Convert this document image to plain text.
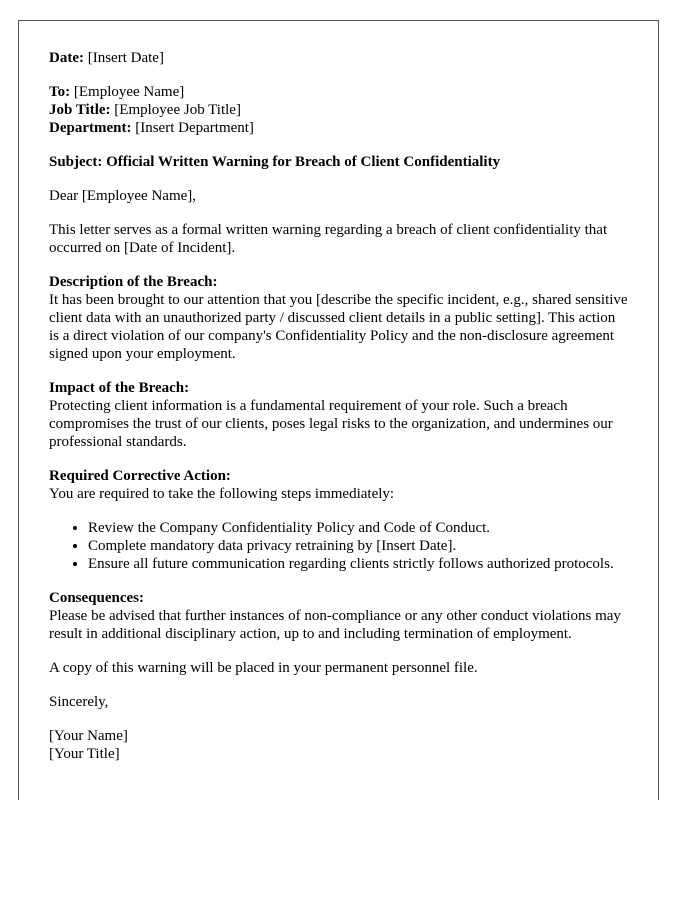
Date: [Insert Date]

To: [Employee Name]
Job Title: [Employee Job Title]
Department: [Insert Department]

Subject: Official Written Warning for Breach of Client Confidentiality

Dear [Employee Name],

This letter serves as a formal written warning regarding a breach of client confidentiality that occurred on [Date of Incident].

Description of the Breach:
It has been brought to our attention that you [describe the specific incident, e.g., shared sensitive client data with an unauthorized party / discussed client details in a public setting]. This action is a direct violation of our company's Confidentiality Policy and the non-disclosure agreement signed upon your employment.

Impact of the Breach:
Protecting client information is a fundamental requirement of your role. Such a breach compromises the trust of our clients, poses legal risks to the organization, and undermines our professional standards.

Required Corrective Action:
You are required to take the following steps immediately:

• Review the Company Confidentiality Policy and Code of Conduct.
• Complete mandatory data privacy retraining by [Insert Date].
• Ensure all future communication regarding clients strictly follows authorized protocols.

Consequences:
Please be advised that further instances of non-compliance or any other conduct violations may result in additional disciplinary action, up to and including termination of employment.

A copy of this warning will be placed in your permanent personnel file.

Sincerely,

[Your Name]
[Your Title]
